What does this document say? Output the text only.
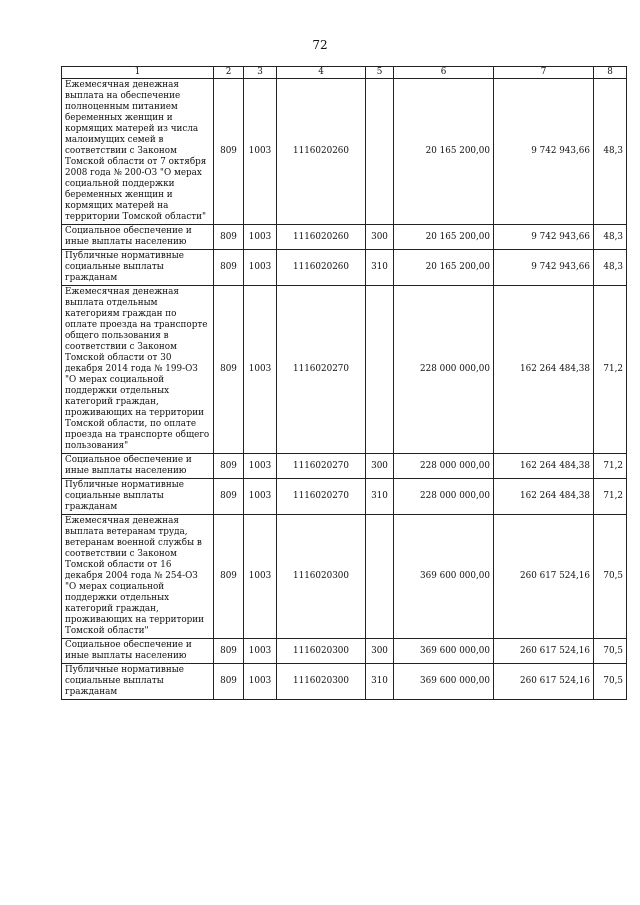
72
1	2	3	4	5	6	7	8
Ежемесячная денежная выплата на обеспечение полноценным питанием беременных женщин и кормящих матерей из числа малоимущих семей в соответствии с Законом Томской области от 7 октября 2008 года № 200-ОЗ "О мерах социальной поддержки беременных женщин и кормящих матерей на территории Томской области"	809	1003	1116020260		20 165 200,00	9 742 943,66	48,3
Социальное обеспечение и иные выплаты населению	809	1003	1116020260	300	20 165 200,00	9 742 943,66	48,3
Публичные нормативные социальные выплаты гражданам	809	1003	1116020260	310	20 165 200,00	9 742 943,66	48,3
Ежемесячная денежная выплата отдельным категориям граждан по оплате проезда на транспорте общего пользования в соответствии с Законом Томской области от 30 декабря 2014 года № 199-ОЗ "О мерах социальной поддержки отдельных категорий граждан, проживающих на территории Томской области, по оплате проезда на транспорте общего пользования"	809	1003	1116020270		228 000 000,00	162 264 484,38	71,2
Социальное обеспечение и иные выплаты населению	809	1003	1116020270	300	228 000 000,00	162 264 484,38	71,2
Публичные нормативные социальные выплаты гражданам	809	1003	1116020270	310	228 000 000,00	162 264 484,38	71,2
Ежемесячная денежная выплата ветеранам труда, ветеранам военной службы в соответствии с Законом Томской области от 16 декабря 2004 года № 254-ОЗ "О мерах социальной поддержки отдельных категорий граждан, проживающих на территории Томской области"	809	1003	1116020300		369 600 000,00	260 617 524,16	70,5
Социальное обеспечение и иные выплаты населению	809	1003	1116020300	300	369 600 000,00	260 617 524,16	70,5
Публичные нормативные социальные выплаты гражданам	809	1003	1116020300	310	369 600 000,00	260 617 524,16	70,5
